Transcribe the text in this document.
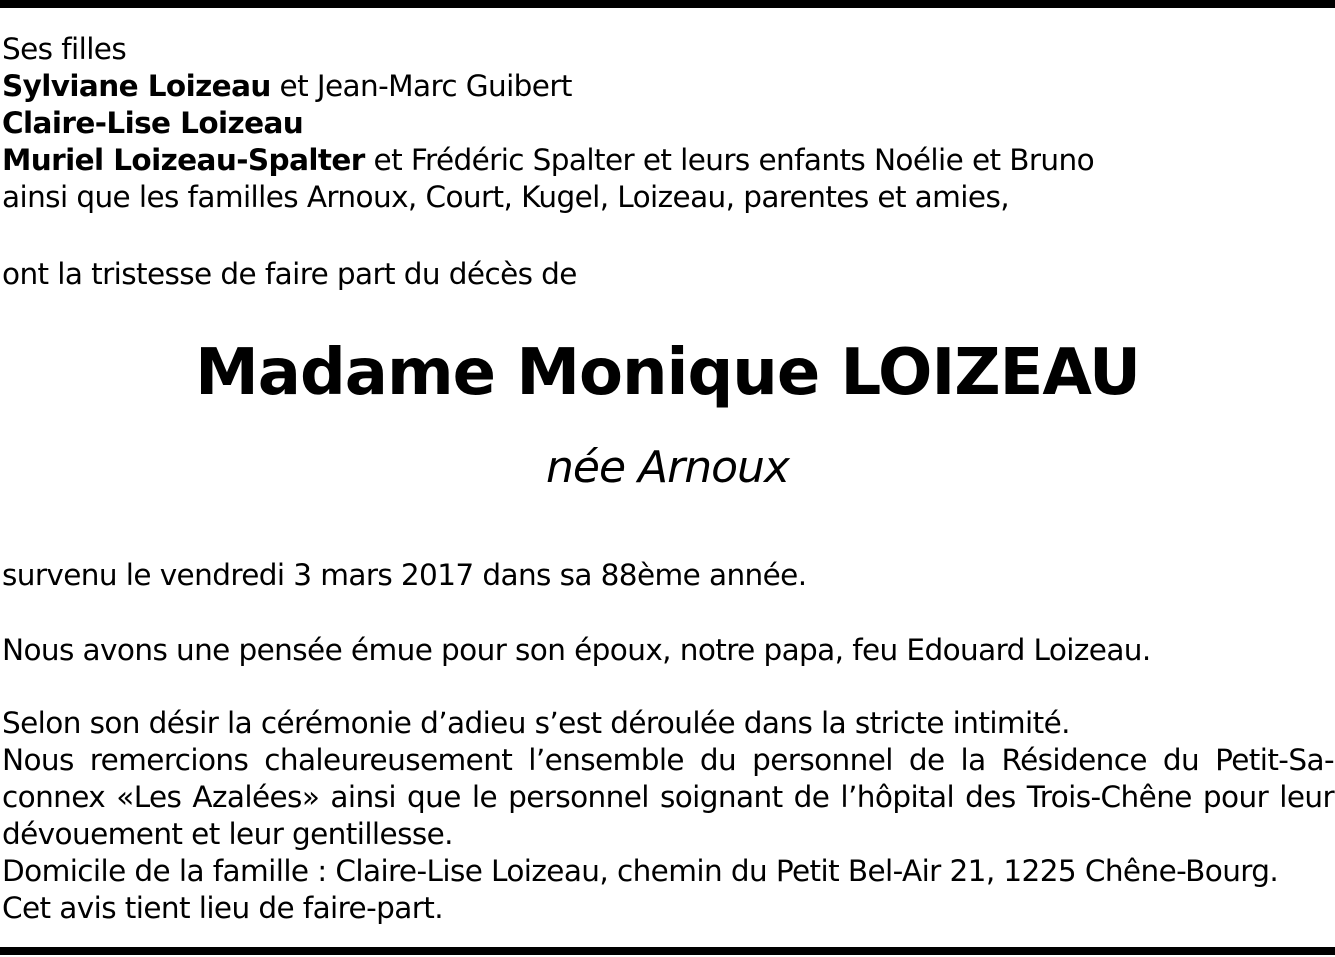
Ses filles
Sylviane Loizeau et Jean-Marc Guibert
Claire-Lise Loizeau
Muriel Loizeau-Spalter et Frédéric Spalter et leurs enfants Noélie et Bruno
ainsi que les familles Arnoux, Court, Kugel, Loizeau, parentes et amies,
ont la tristesse de faire part du décès de
Madame Monique LOIZEAU
née Arnoux
survenu le vendredi 3 mars 2017 dans sa 88ème année.
Nous avons une pensée émue pour son époux, notre papa, feu Edouard Loizeau.
Selon son désir la cérémonie d’adieu s’est déroulée dans la stricte intimité.
Nous remercions chaleureusement l’ensemble du personnel de la Résidence du Petit-Sa-
connex «Les Azalées» ainsi que le personnel soignant de l’hôpital des Trois-Chêne pour leur
dévouement et leur gentillesse.
Domicile de la famille : Claire-Lise Loizeau, chemin du Petit Bel-Air 21, 1225 Chêne-Bourg.
Cet avis tient lieu de faire-part.
